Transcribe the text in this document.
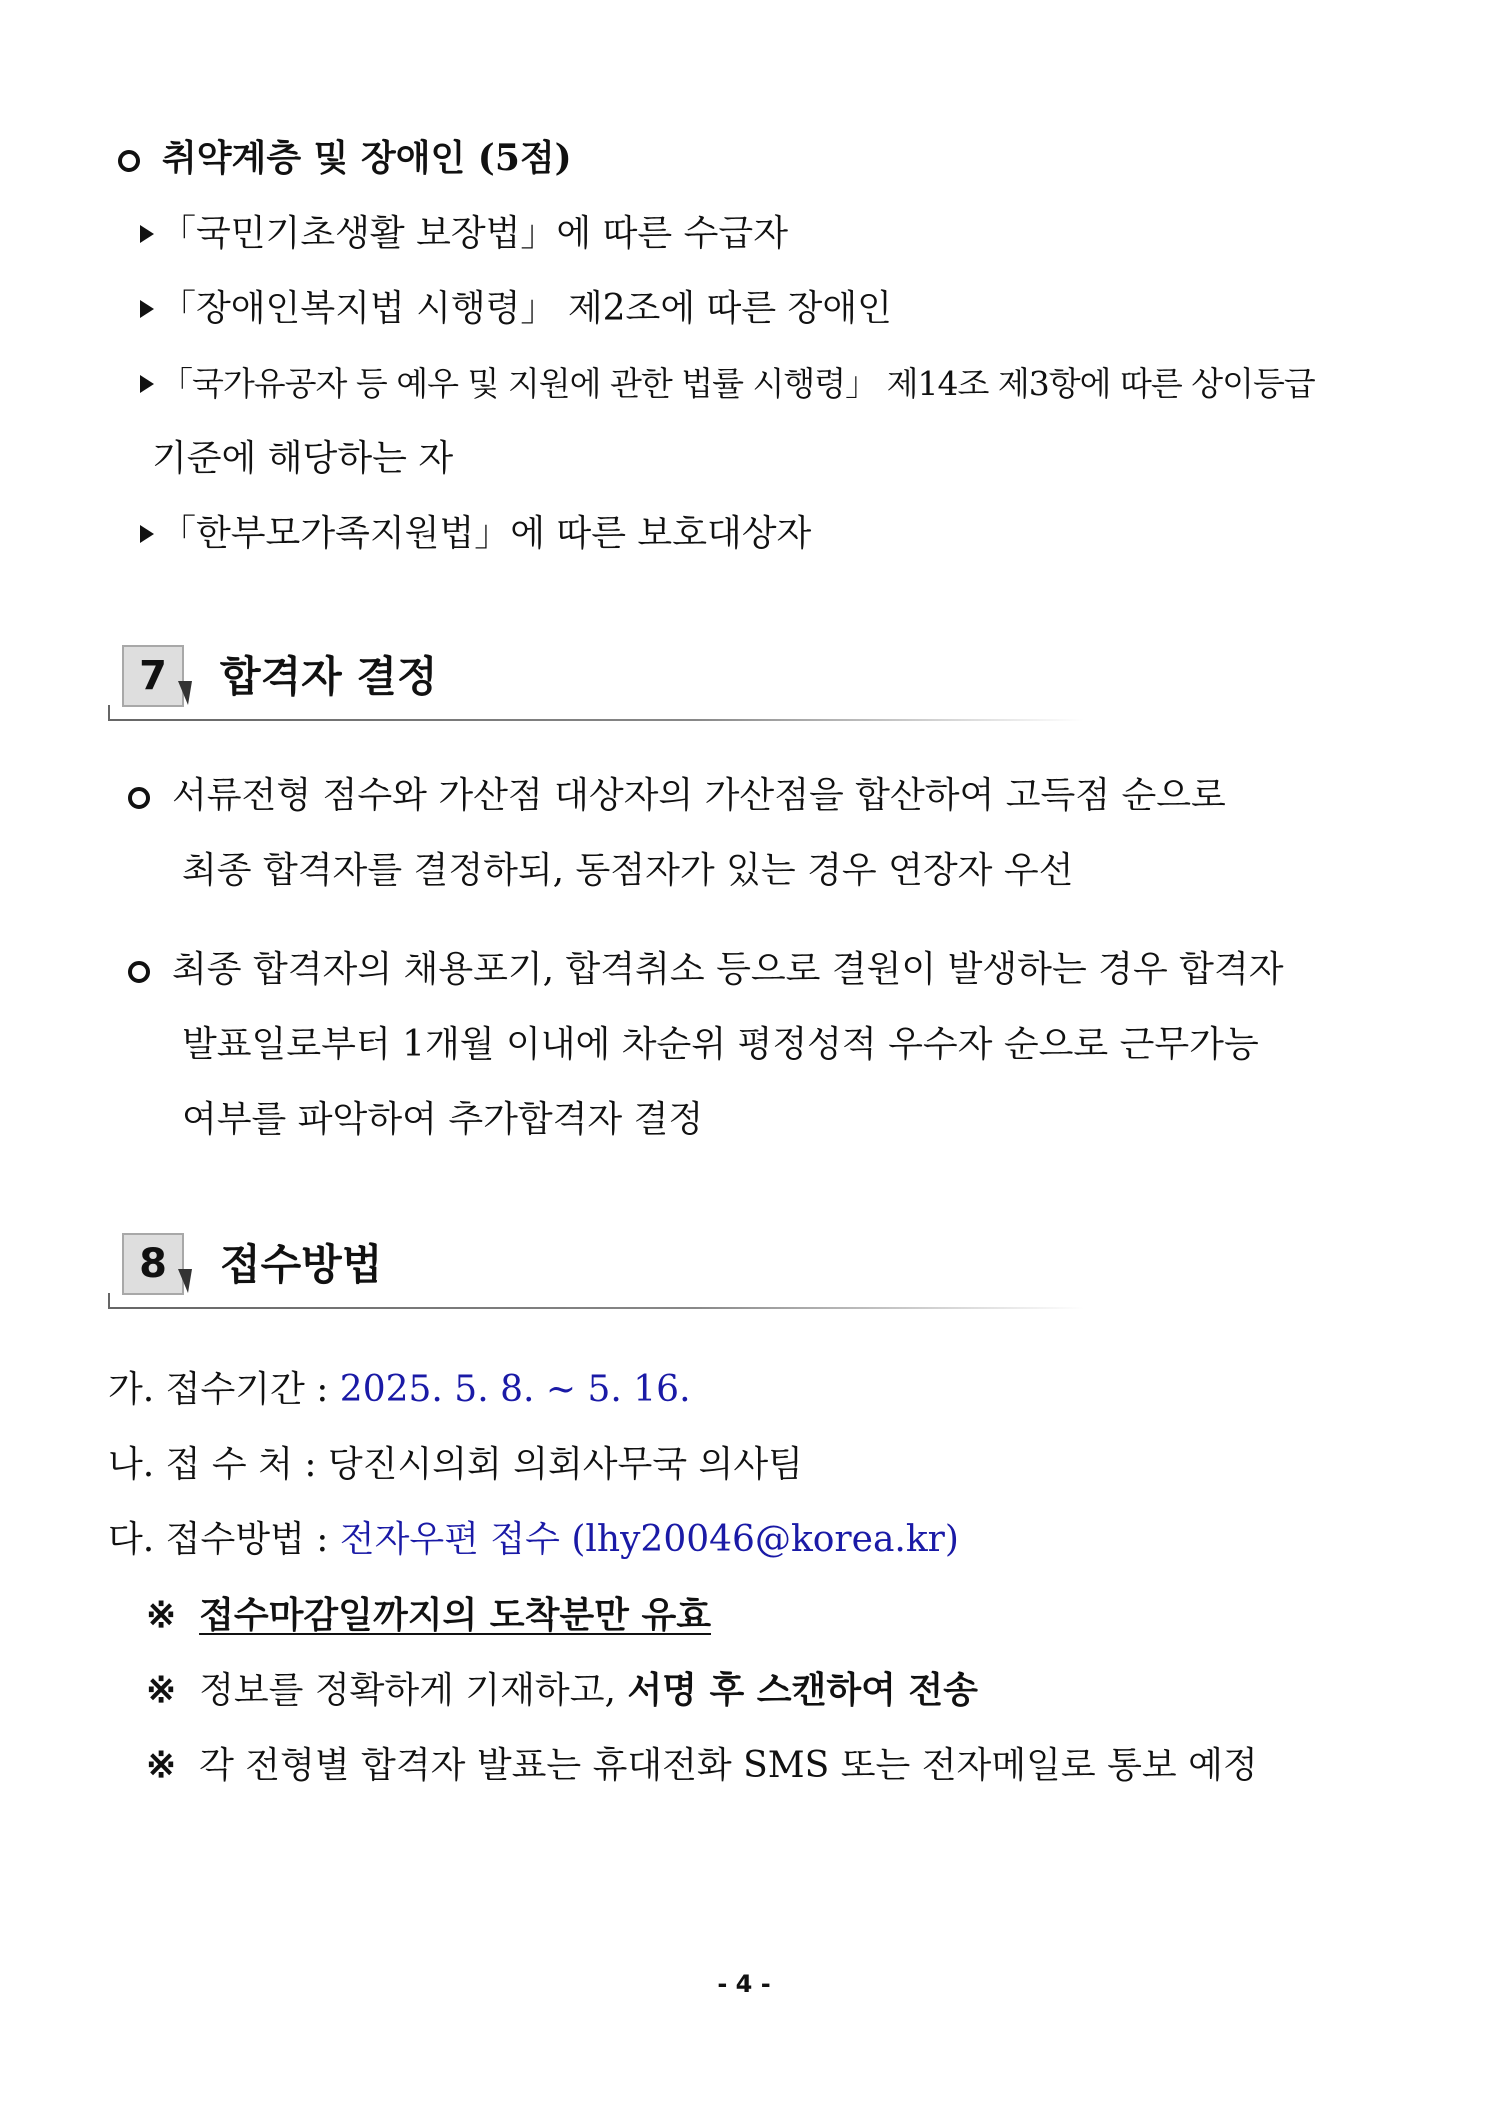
취약계층 및 장애인 (5점)
「국민기초생활 보장법」에 따른 수급자
「장애인복지법 시행령」 제2조에 따른 장애인
「국가유공자 등 예우 및 지원에 관한 법률 시행령」 제14조 제3항에 따른 상이등급
기준에 해당하는 자
「한부모가족지원법」에 따른 보호대상자
7	합격자 결정
서류전형 점수와 가산점 대상자의 가산점을 합산하여 고득점 순으로
최종 합격자를 결정하되, 동점자가 있는 경우 연장자 우선
최종 합격자의 채용포기, 합격취소 등으로 결원이 발생하는 경우 합격자
발표일로부터 1개월 이내에 차순위 평정성적 우수자 순으로 근무가능
여부를 파악하여 추가합격자 결정
8	접수방법
가. 접수기간 : 2025. 5. 8. ~ 5. 16.
나. 접 수 처 : 당진시의회 의회사무국 의사팀
다. 접수방법 : 전자우편 접수 (lhy20046@korea.kr)
※ 접수마감일까지의 도착분만 유효
※ 정보를 정확하게 기재하고, 서명 후 스캔하여 전송
※ 각 전형별 합격자 발표는 휴대전화 SMS 또는 전자메일로 통보 예정
- 4 -
